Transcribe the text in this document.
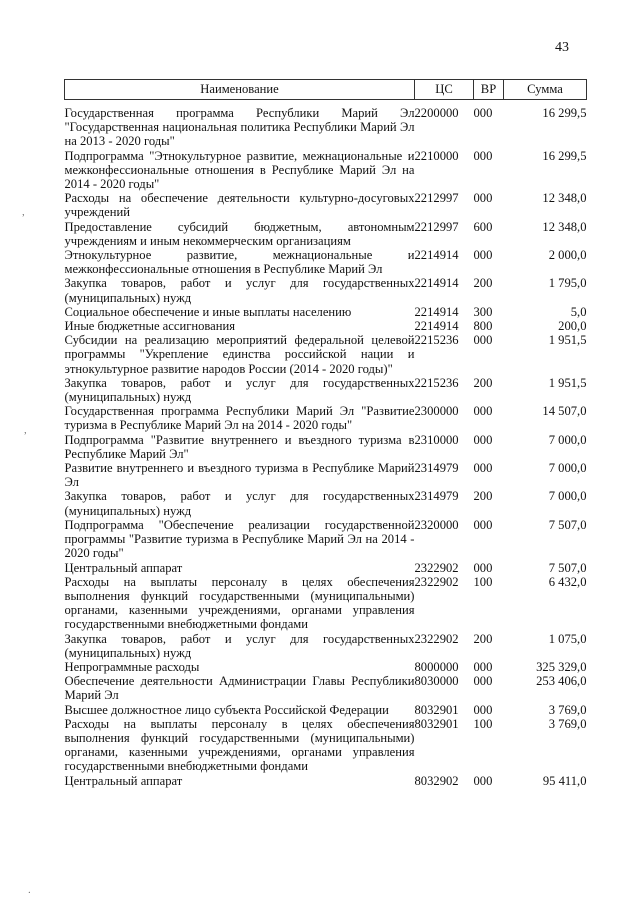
43
,
,
.
Наименование	ЦС	ВР	Сумма
Государственная программа Республики Марий Эл "Государственная национальная политика Республики Марий Эл на 2013 - 2020 годы"	2200000	000	16 299,5
Подпрограмма "Этнокультурное развитие, межнациональные и межконфессиональные отношения в Республике Марий Эл на 2014 - 2020 годы"	2210000	000	16 299,5
Расходы на обеспечение деятельности культурно-досуговых учреждений	2212997	000	12 348,0
Предоставление субсидий бюджетным, автономным учреждениям и иным некоммерческим организациям	2212997	600	12 348,0
Этнокультурное развитие, межнациональные и межконфессиональные отношения в Республике Марий Эл	2214914	000	2 000,0
Закупка товаров, работ и услуг для государственных (муниципальных) нужд	2214914	200	1 795,0
Социальное обеспечение и иные выплаты населению	2214914	300	5,0
Иные бюджетные ассигнования	2214914	800	200,0
Субсидии на реализацию мероприятий федеральной целевой программы "Укрепление единства российской нации и этнокультурное развитие народов России (2014 - 2020 годы)"	2215236	000	1 951,5
Закупка товаров, работ и услуг для государственных (муниципальных) нужд	2215236	200	1 951,5
Государственная программа Республики Марий Эл "Развитие туризма в Республике Марий Эл на 2014 - 2020 годы"	2300000	000	14 507,0
Подпрограмма "Развитие внутреннего и въездного туризма в Республике Марий Эл"	2310000	000	7 000,0
Развитие внутреннего и въездного туризма в Республике Марий Эл	2314979	000	7 000,0
Закупка товаров, работ и услуг для государственных (муниципальных) нужд	2314979	200	7 000,0
Подпрограмма "Обеспечение реализации государственной программы "Развитие туризма в Республике Марий Эл на 2014 - 2020 годы"	2320000	000	7 507,0
Центральный аппарат	2322902	000	7 507,0
Расходы на выплаты персоналу в целях обеспечения выполнения функций государственными (муниципальными) органами, казенными учреждениями, органами управления государственными внебюджетными фондами	2322902	100	6 432,0
Закупка товаров, работ и услуг для государственных (муниципальных) нужд	2322902	200	1 075,0
Непрограммные расходы	8000000	000	325 329,0
Обеспечение деятельности Администрации Главы Республики Марий Эл	8030000	000	253 406,0
Высшее должностное лицо субъекта Российской Федерации	8032901	000	3 769,0
Расходы на выплаты персоналу в целях обеспечения выполнения функций государственными (муниципальными) органами, казенными учреждениями, органами управления государственными внебюджетными фондами	8032901	100	3 769,0
Центральный аппарат	8032902	000	95 411,0
